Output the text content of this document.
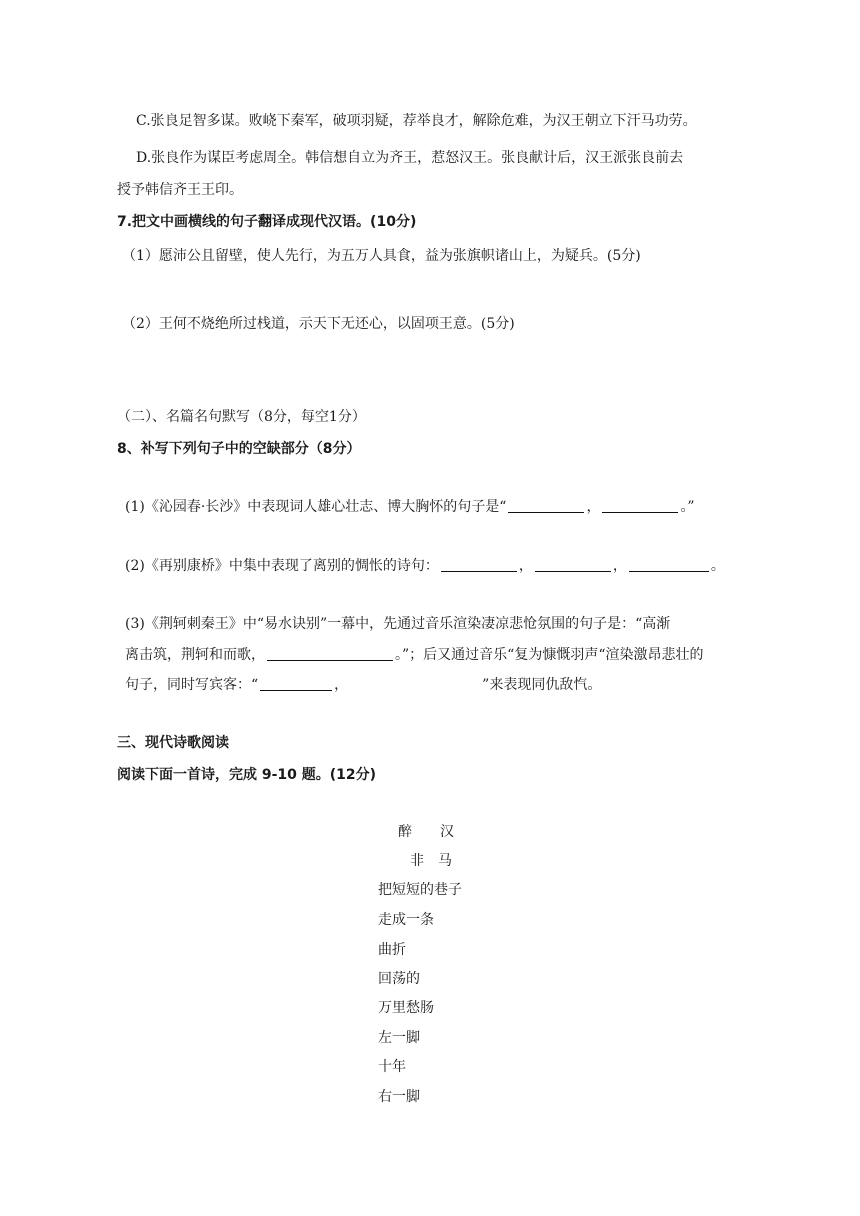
C.张良足智多谋。败峣下秦军，破项羽疑，荐举良才，解除危难，为汉王朝立下汗马功劳。
D.张良作为谋臣考虑周全。韩信想自立为齐王，惹怒汉王。张良献计后，汉王派张良前去
授予韩信齐王王印。
7.把文中画横线的句子翻译成现代汉语。(10分)
（1）愿沛公且留壁，使人先行，为五万人具食，益为张旗帜诸山上，为疑兵。(5分)
（2）王何不烧绝所过栈道，示天下无还心，以固项王意。(5分)
（二）、名篇名句默写（8分，每空1分）
8、补写下列句子中的空缺部分（8分）
(1)《沁园春·长沙》中表现词人雄心壮志、博大胸怀的句子是“	，	。”
(2)《再别康桥》中集中表现了离别的惆怅的诗句：	，	，	。
(3)《荆轲刺秦王》中“易水诀别”一幕中，先通过音乐渲染凄凉悲怆氛围的句子是：“高渐
离击筑，荆轲和而歌，	。”；后又通过音乐“复为慷慨羽声“渲染激昂悲壮的
句子，同时写宾客：“	，	”来表现同仇敌忾。
三、现代诗歌阅读
阅读下面一首诗，完成 9-10 题。(12分)
醉　　汉
非　马
把短短的巷子
走成一条
曲折
回荡的
万里愁肠
左一脚
十年
右一脚
